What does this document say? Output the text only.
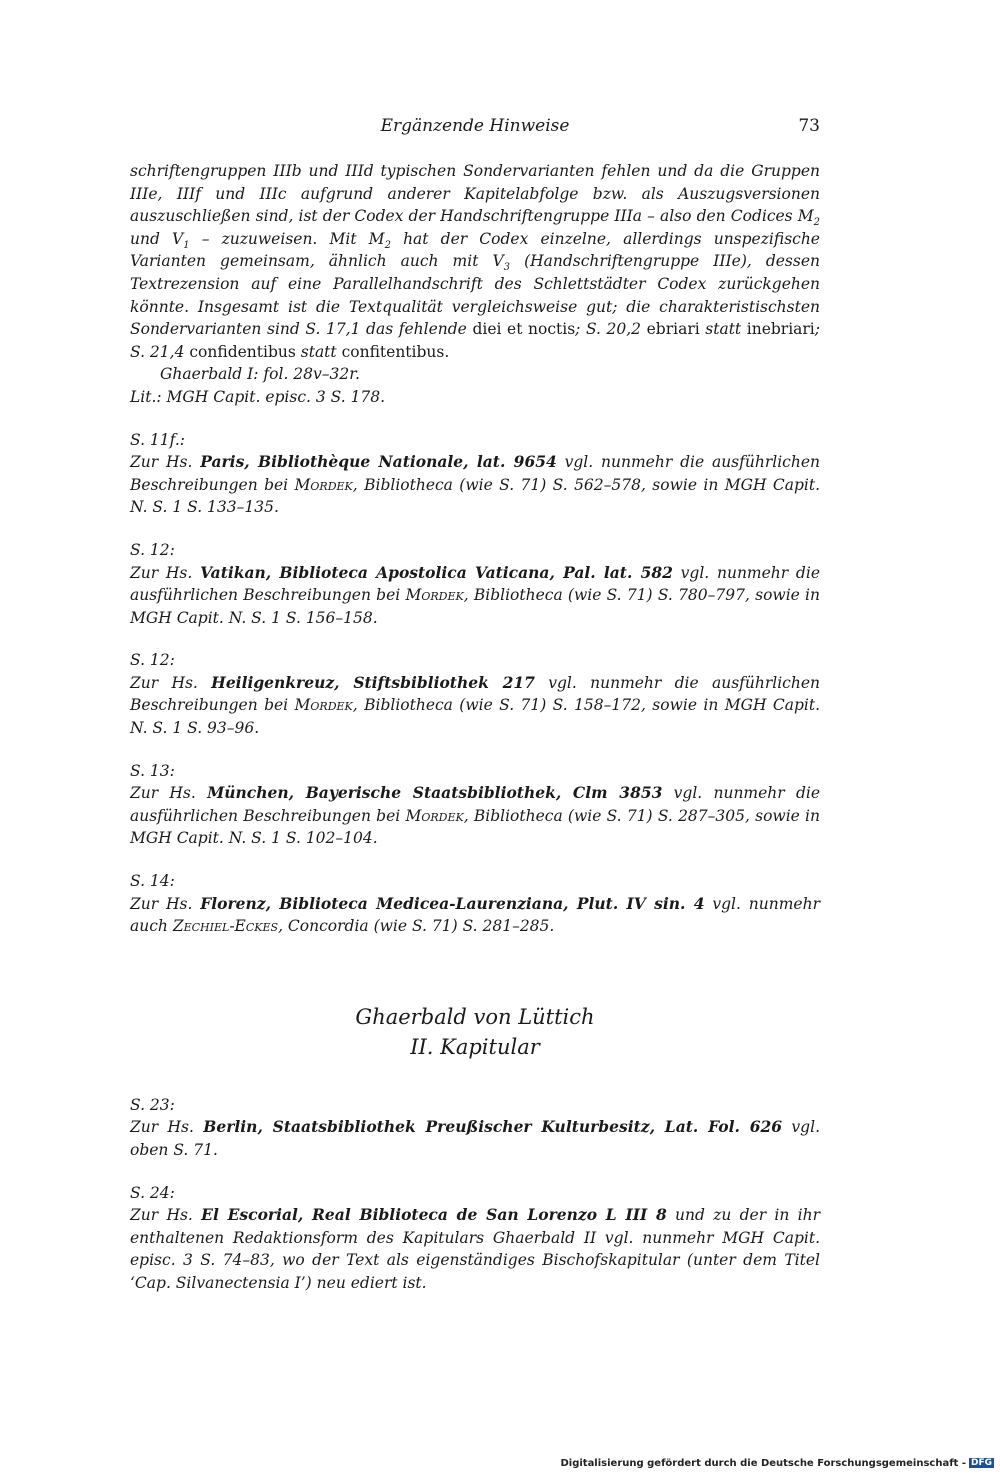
Ergänzende Hinweise	73

schriftengruppen IIIb und IIId typischen Sondervarianten fehlen und da die Gruppen IIIe, IIIf und IIIc aufgrund anderer Kapitelabfolge bzw. als Auszugsversionen auszuschließen sind, ist der Codex der Handschriftengruppe IIIa – also den Codices $M_2$ und $V_1$ – zuzuweisen. Mit $M_2$ hat der Codex einzelne, allerdings unspezifische Varianten gemeinsam, ähnlich auch mit $V_3$ (Handschriftengruppe IIIe), dessen Textrezension auf eine Parallelhandschrift des Schlettstädter Codex zurückgehen könnte. Insgesamt ist die Textqualität vergleichsweise gut; die charakteristischsten Sondervarianten sind S. 17,1 das fehlende diei et noctis; S. 20,2 ebriari statt inebriari; S. 21,4 confidentibus statt confitentibus.

Ghaerbald I: fol. 28v–32r.

Lit.: MGH Capit. episc. 3 S. 178.

S. 11f.:

Zur Hs. Paris, Bibliothèque Nationale, lat. 9654 vgl. nunmehr die ausführlichen Beschreibungen bei Mordek, Bibliotheca (wie S. 71) S. 562–578, sowie in MGH Capit. N. S. 1 S. 133–135.

S. 12:

Zur Hs. Vatikan, Biblioteca Apostolica Vaticana, Pal. lat. 582 vgl. nunmehr die ausführlichen Beschreibungen bei Mordek, Bibliotheca (wie S. 71) S. 780–797, sowie in MGH Capit. N. S. 1 S. 156–158.

S. 12:

Zur Hs. Heiligenkreuz, Stiftsbibliothek 217 vgl. nunmehr die ausführlichen Beschreibungen bei Mordek, Bibliotheca (wie S. 71) S. 158–172, sowie in MGH Capit. N. S. 1 S. 93–96.

S. 13:

Zur Hs. München, Bayerische Staatsbibliothek, Clm 3853 vgl. nunmehr die ausführlichen Beschreibungen bei Mordek, Bibliotheca (wie S. 71) S. 287–305, sowie in MGH Capit. N. S. 1 S. 102–104.

S. 14:

Zur Hs. Florenz, Biblioteca Medicea-Laurenziana, Plut. IV sin. 4 vgl. nunmehr auch Zechiel-Eckes, Concordia (wie S. 71) S. 281–285.

Ghaerbald von Lüttich
II. Kapitular
S. 23:

Zur Hs. Berlin, Staatsbibliothek Preußischer Kulturbesitz, Lat. Fol. 626 vgl. oben S. 71.

S. 24:

Zur Hs. El Escorial, Real Biblioteca de San Lorenzo L III 8 und zu der in ihr enthaltenen Redaktionsform des Kapitulars Ghaerbald II vgl. nunmehr MGH Capit. episc. 3 S. 74–83, wo der Text als eigenständiges Bischofskapitular (unter dem Titel ‘Cap. Silvanectensia I’) neu ediert ist.

Digitalisierung gefördert durch die Deutsche Forschungsgemeinschaft - DFG
